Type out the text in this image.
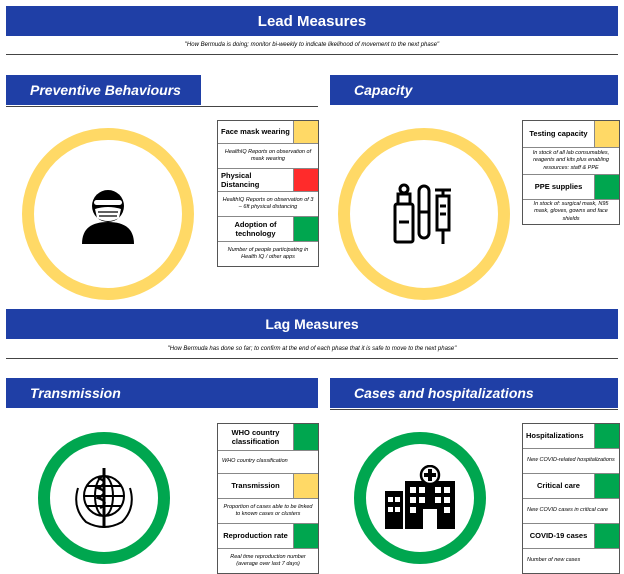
Lead Measures
"How Bermuda is doing; monitor bi-weekly to indicate likelihood of movement to the next phase"
Preventive Behaviours
Face mask wearing
HealthIQ Reports on observation of mask wearing
Physical Distancing
HealthIQ Reports on observation of 3 – 6ft physical distancing
Adoption of technology
Number of people participating in Health IQ / other apps
Capacity
Testing capacity
In stock of all lab consumables, reagents and kits plus enabling resources: staff & PPE
PPE supplies
In stock of: surgical mask, N95 mask, gloves, gowns and face shields
Lag Measures
"How Bermuda has done so far; to confirm at the end of each phase that it is safe to move to the next phase"
Transmission
WHO country classification
WHO country classification
Transmission
Proportion of cases able to be linked to known cases or clusters
Reproduction rate
Real time reproduction number (average over last 7 days)
Cases and hospitalizations
Hospitalizations
New COVID-related hospitalizations
Critical care
New COVID cases in critical care
COVID-19 cases
Number of new cases
